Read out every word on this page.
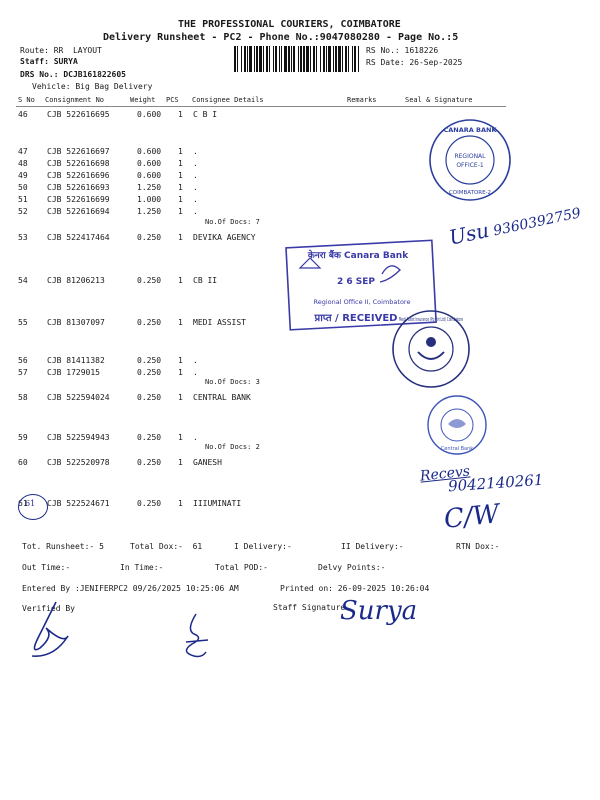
THE PROFESSIONAL COURIERS, COIMBATORE
Delivery Runsheet - PC2 - Phone No.:9047080280 - Page No.:5
Route: RR  LAYOUT
Staff: SURYA
DRS No.: DCJB161822605
Vehicle: Big Bag Delivery
RS No.: 1618226
RS Date: 26-Sep-2025
S No Consignment No	Weight PCS Consignee Details	Remarks	Seal & Signature
46 CJB 522616695	0.600 1 C B I
47 CJB 522616697	0.600 1 .
48 CJB 522616698	0.600 1 .
49 CJB 522616696	0.600 1 .
50 CJB 522616693	1.250 1 .
51 CJB 522616699	1.000 1 .
52 CJB 522616694	1.250 1 .
No.Of Docs: 7
53 CJB 522417464	0.250 1 DEVIKA AGENCY
54 CJB 81206213	0.250 1 CB II
55 CJB 81307097	0.250 1 MEDI ASSIST
56 CJB 81411382	0.250 1 .
57 CJB 1729015	0.250 1 .
No.Of Docs: 3
58 CJB 522594024	0.250 1 CENTRAL BANK
59 CJB 522594943	0.250 1 .
No.Of Docs: 2
60 CJB 522520978	0.250 1 GANESH
61 CJB 522524671	0.250 1 IIIUMINATI
CANARA BANK
REGIONAL
OFFICE-1
COIMBATORE-2
केनरा बैंक Canara Bank
2 6 SEP
Regional Office II, Coimbatore
प्राप्त / RECEIVED Medi Assist Insurance (Pp Pvt Ltd) Coimbatore
Central Bank
Usu 9360392759
Recevs
9042140261
C/W
61
Tot. Runsheet:- 5	Total Dox:-  61	I Delivery:-	II Delivery:-	RTN Dox:-
Out Time:-	In Time:-	Total POD:-	Delvy Points:-
Entered By :JENIFERPC2 09/26/2025 10:25:06 AM	Printed on: 26-09-2025 10:26:04
Verified By	Staff Signature
Surya
